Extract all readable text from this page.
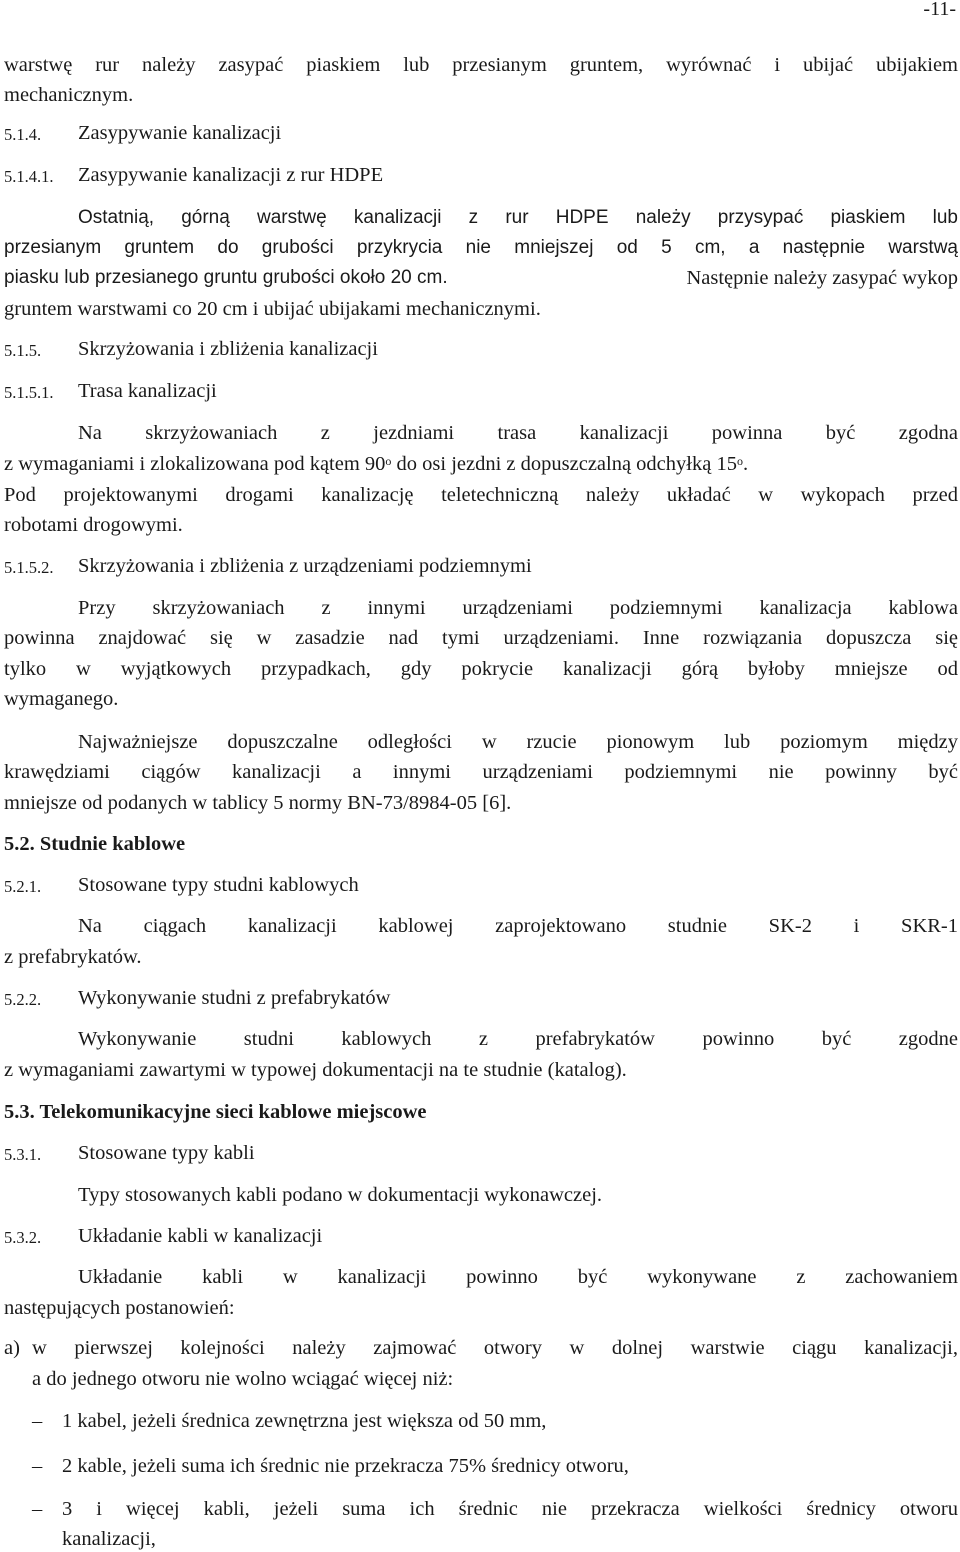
-11-
warstwę rur należy zasypać piaskiem lub przesianym gruntem, wyrównać i ubijać ubijakiem
mechanicznym.
5.1.4. Zasypywanie kanalizacji
5.1.4.1. Zasypywanie kanalizacji z rur HDPE
Ostatnią, górną warstwę kanalizacji z rur HDPE należy przysypać piaskiem lub
przesianym gruntem do grubości przykrycia nie mniejszej od 5 cm, a następnie warstwą
piasku lub przesianego gruntu grubości około 20 cm.	Następnie należy zasypać wykop
gruntem warstwami co 20 cm i ubijać ubijakami mechanicznymi.
5.1.5. Skrzyżowania i zbliżenia kanalizacji
5.1.5.1. Trasa kanalizacji
Na skrzyżowaniach z jezdniami trasa kanalizacji powinna być zgodna
z wymaganiami i zlokalizowana pod kątem 90$^o$ do osi jezdni z dopuszczalną odchyłką 15$^o$.
Pod projektowanymi drogami kanalizację teletechniczną należy układać w wykopach przed
robotami drogowymi.
5.1.5.2. Skrzyżowania i zbliżenia z urządzeniami podziemnymi
Przy skrzyżowaniach z innymi urządzeniami podziemnymi kanalizacja kablowa
powinna znajdować się w zasadzie nad tymi urządzeniami. Inne rozwiązania dopuszcza się
tylko w wyjątkowych przypadkach, gdy pokrycie kanalizacji górą byłoby mniejsze od
wymaganego.
Najważniejsze dopuszczalne odległości w rzucie pionowym lub poziomym między
krawędziami ciągów kanalizacji a innymi urządzeniami podziemnymi nie powinny być
mniejsze od podanych w tablicy 5 normy BN-73/8984-05 [6].
5.2. Studnie kablowe
5.2.1. Stosowane typy studni kablowych
Na ciągach kanalizacji kablowej zaprojektowano studnie SK-2 i SKR-1
z prefabrykatów.
5.2.2. Wykonywanie studni z prefabrykatów
Wykonywanie studni kablowych z prefabrykatów powinno być zgodne
z wymaganiami zawartymi w typowej dokumentacji na te studnie (katalog).
5.3. Telekomunikacyjne sieci kablowe miejscowe
5.3.1. Stosowane typy kabli
Typy stosowanych kabli podano w dokumentacji wykonawczej.
5.3.2. Układanie kabli w kanalizacji
Układanie kabli w kanalizacji powinno być wykonywane z zachowaniem
następujących postanowień:
a) w pierwszej kolejności należy zajmować otwory w dolnej warstwie ciągu kanalizacji,
a do jednego otworu nie wolno wciągać więcej niż:
– 1 kabel, jeżeli średnica zewnętrzna jest większa od 50 mm,
– 2 kable, jeżeli suma ich średnic nie przekracza 75% średnicy otworu,
– 3 i więcej kabli, jeżeli suma ich średnic nie przekracza wielkości średnicy otworu
kanalizacji,
